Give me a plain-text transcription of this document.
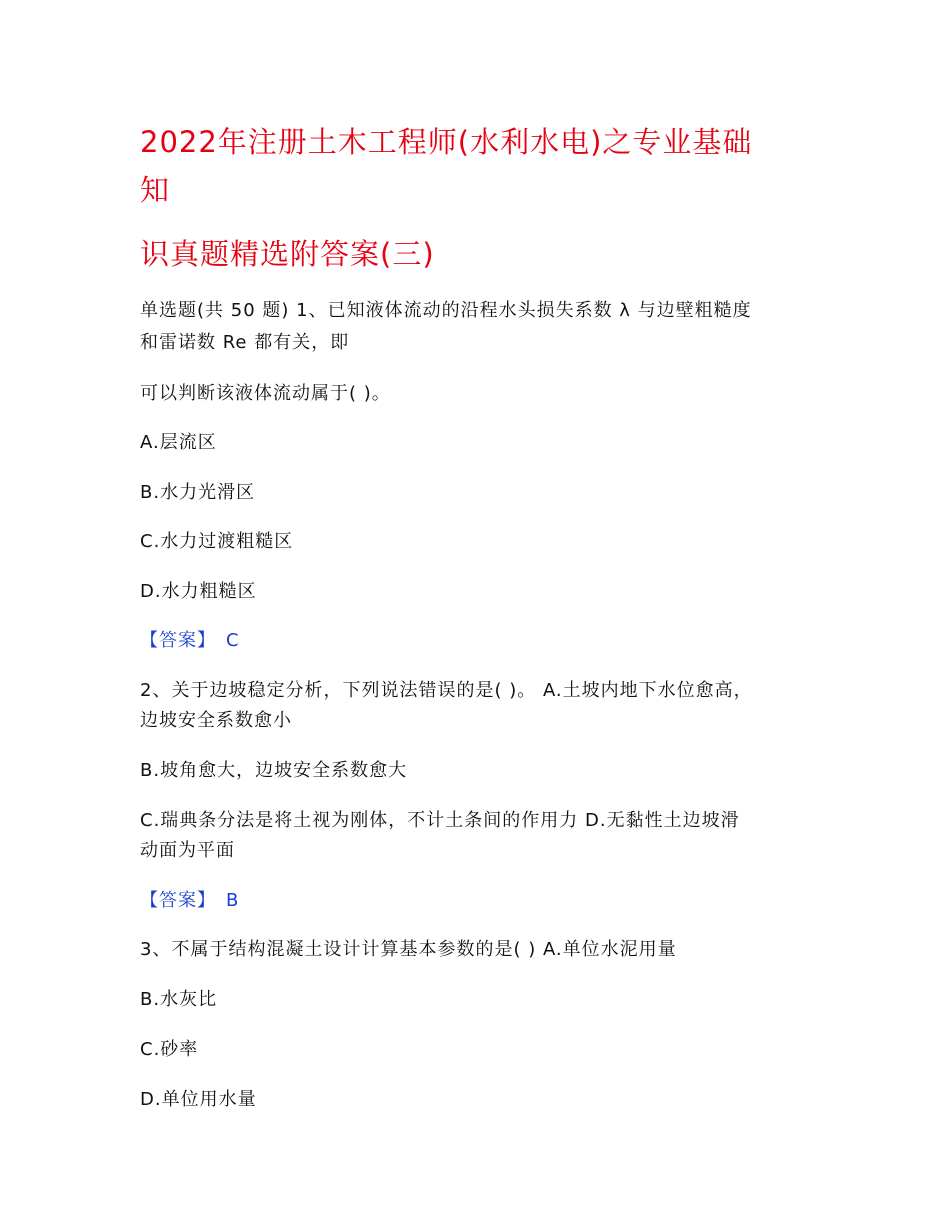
2022年注册土木工程师(水利水电)之专业基础
知
识真题精选附答案(三)

单选题(共 50 题) 1、已知液体流动的沿程水头损失系数 λ 与边壁粗糙度

和雷诺数 Re 都有关，即

可以判断该液体流动属于( )。

A.层流区

B.水力光滑区

C.水力过渡粗糙区

D.水力粗糙区

【答案】 C

2、关于边坡稳定分析，下列说法错误的是( )。 A.土坡内地下水位愈高，

边坡安全系数愈小

B.坡角愈大，边坡安全系数愈大

C.瑞典条分法是将土视为刚体，不计土条间的作用力 D.无黏性土边坡滑

动面为平面

【答案】 B

3、不属于结构混凝土设计计算基本参数的是( ) A.单位水泥用量

B.水灰比

C.砂率

D.单位用水量
